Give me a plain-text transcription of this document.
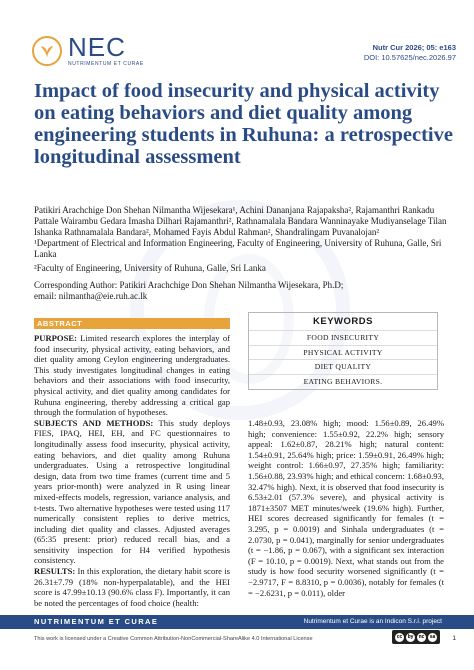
NEC
NUTRIMENTUM ET CURAE
Nutr Cur 2026; 05: e163
DOI: 10.57625/nec.2026.97
Impact of food insecurity and physical activity on eating behaviors and diet quality among engineering students in Ruhuna: a retrospective longitudinal assessment
Patikiri Arachchige Don Shehan Nilmantha Wijesekara¹, Achini Dananjana Rajapaksha², Rajamanthri Rankadu Pattale Wairambu Gedara Imasha Dilhari Rajamanthri², Rathnamalala Bandara Wanninayake Mudiyanselage Tilan Ishanka Rathnamalala Bandara², Mohamed Fayis Abdul Rahman², Shandralingam Puvanalojan²
¹Department of Electrical and Information Engineering, Faculty of Engineering, University of Ruhuna, Galle, Sri Lanka
²Faculty of Engineering, University of Ruhuna, Galle, Sri Lanka
Corresponding Author: Patikiri Arachchige Don Shehan Nilmantha Wijesekara, Ph.D;
email: nilmantha@eie.ruh.ac.lk
ABSTRACT

PURPOSE: Limited research explores the interplay of food insecurity, physical activity, eating behaviors, and diet quality among Ceylon engineering undergraduates. This study investigates longitudinal changes in eating behaviors and their associations with food insecurity, physical activity, and diet quality among candidates for Ruhuna engineering, thereby addressing a critical gap through the formulation of hypotheses.

SUBJECTS AND METHODS: This study deploys FIES, IPAQ, HEI, EH, and FC questionnaires to longitudinally assess food insecurity, physical activity, eating behaviors, and diet quality among Ruhuna undergraduates. Using a retrospective longitudinal design, data from two time frames (current time and 5 years prior-month) were analyzed in R using linear mixed-effects models, regression, variance analysis, and t-tests. Two alternative hypotheses were tested using 117 numerically consistent replies to derive metrics, including diet quality and classes. Adjusted averages (65:35 present: prior) reduced recall bias, and a sensitivity inspection for H4 verified hypothesis consistency.

RESULTS: In this exploration, the dietary habit score is 26.31±7.79 (18% non-hyperpalatable), and the HEI score is 47.99±10.13 (90.6% class F). Importantly, it can be noted the percentages of food choice (health:

KEYWORDS
FOOD INSECURITY
PHYSICAL ACTIVITY
DIET QUALITY
EATING BEHAVIORS.
1.48±0.93, 23.08% high; mood: 1.56±0.89, 26.49% high; convenience: 1.55±0.92, 22.2% high; sensory appeal: 1.62±0.87, 28.21% high; natural content: 1.54±0.91, 25.64% high; price: 1.59±0.91, 26.49% high; weight control: 1.66±0.97, 27.35% high; familiarity: 1.56±0.88, 23.93% high; and ethical concern: 1.68±0.93, 32.47% high). Next, it is observed that food insecurity is 6.53±2.01 (57.3% severe), and physical activity is 1871±3507 MET minutes/week (19.6% high). Further, HEI scores decreased significantly for females (t = 3.295, p = 0.0019) and Sinhala undergraduates (t = 2.0730, p = 0.041), marginally for senior undergraduates (t = −1.86, p = 0.067), with a significant sex interaction (F = 10.10, p = 0.0019). Next, what stands out from the study is how food security worsened significantly (t = −2.9717, F = 8.8310, p = 0.0036), notably for females (t = −2.6231, p = 0.011), older
NUTRIMENTUM ET CURAE	Nutrimentum et Curae is an Indicon S.r.l. project
This work is licensed under a Creative Common Attribution-NonCommercial-ShareAlike 4.0 International License	cc	by	nc	sa	1
